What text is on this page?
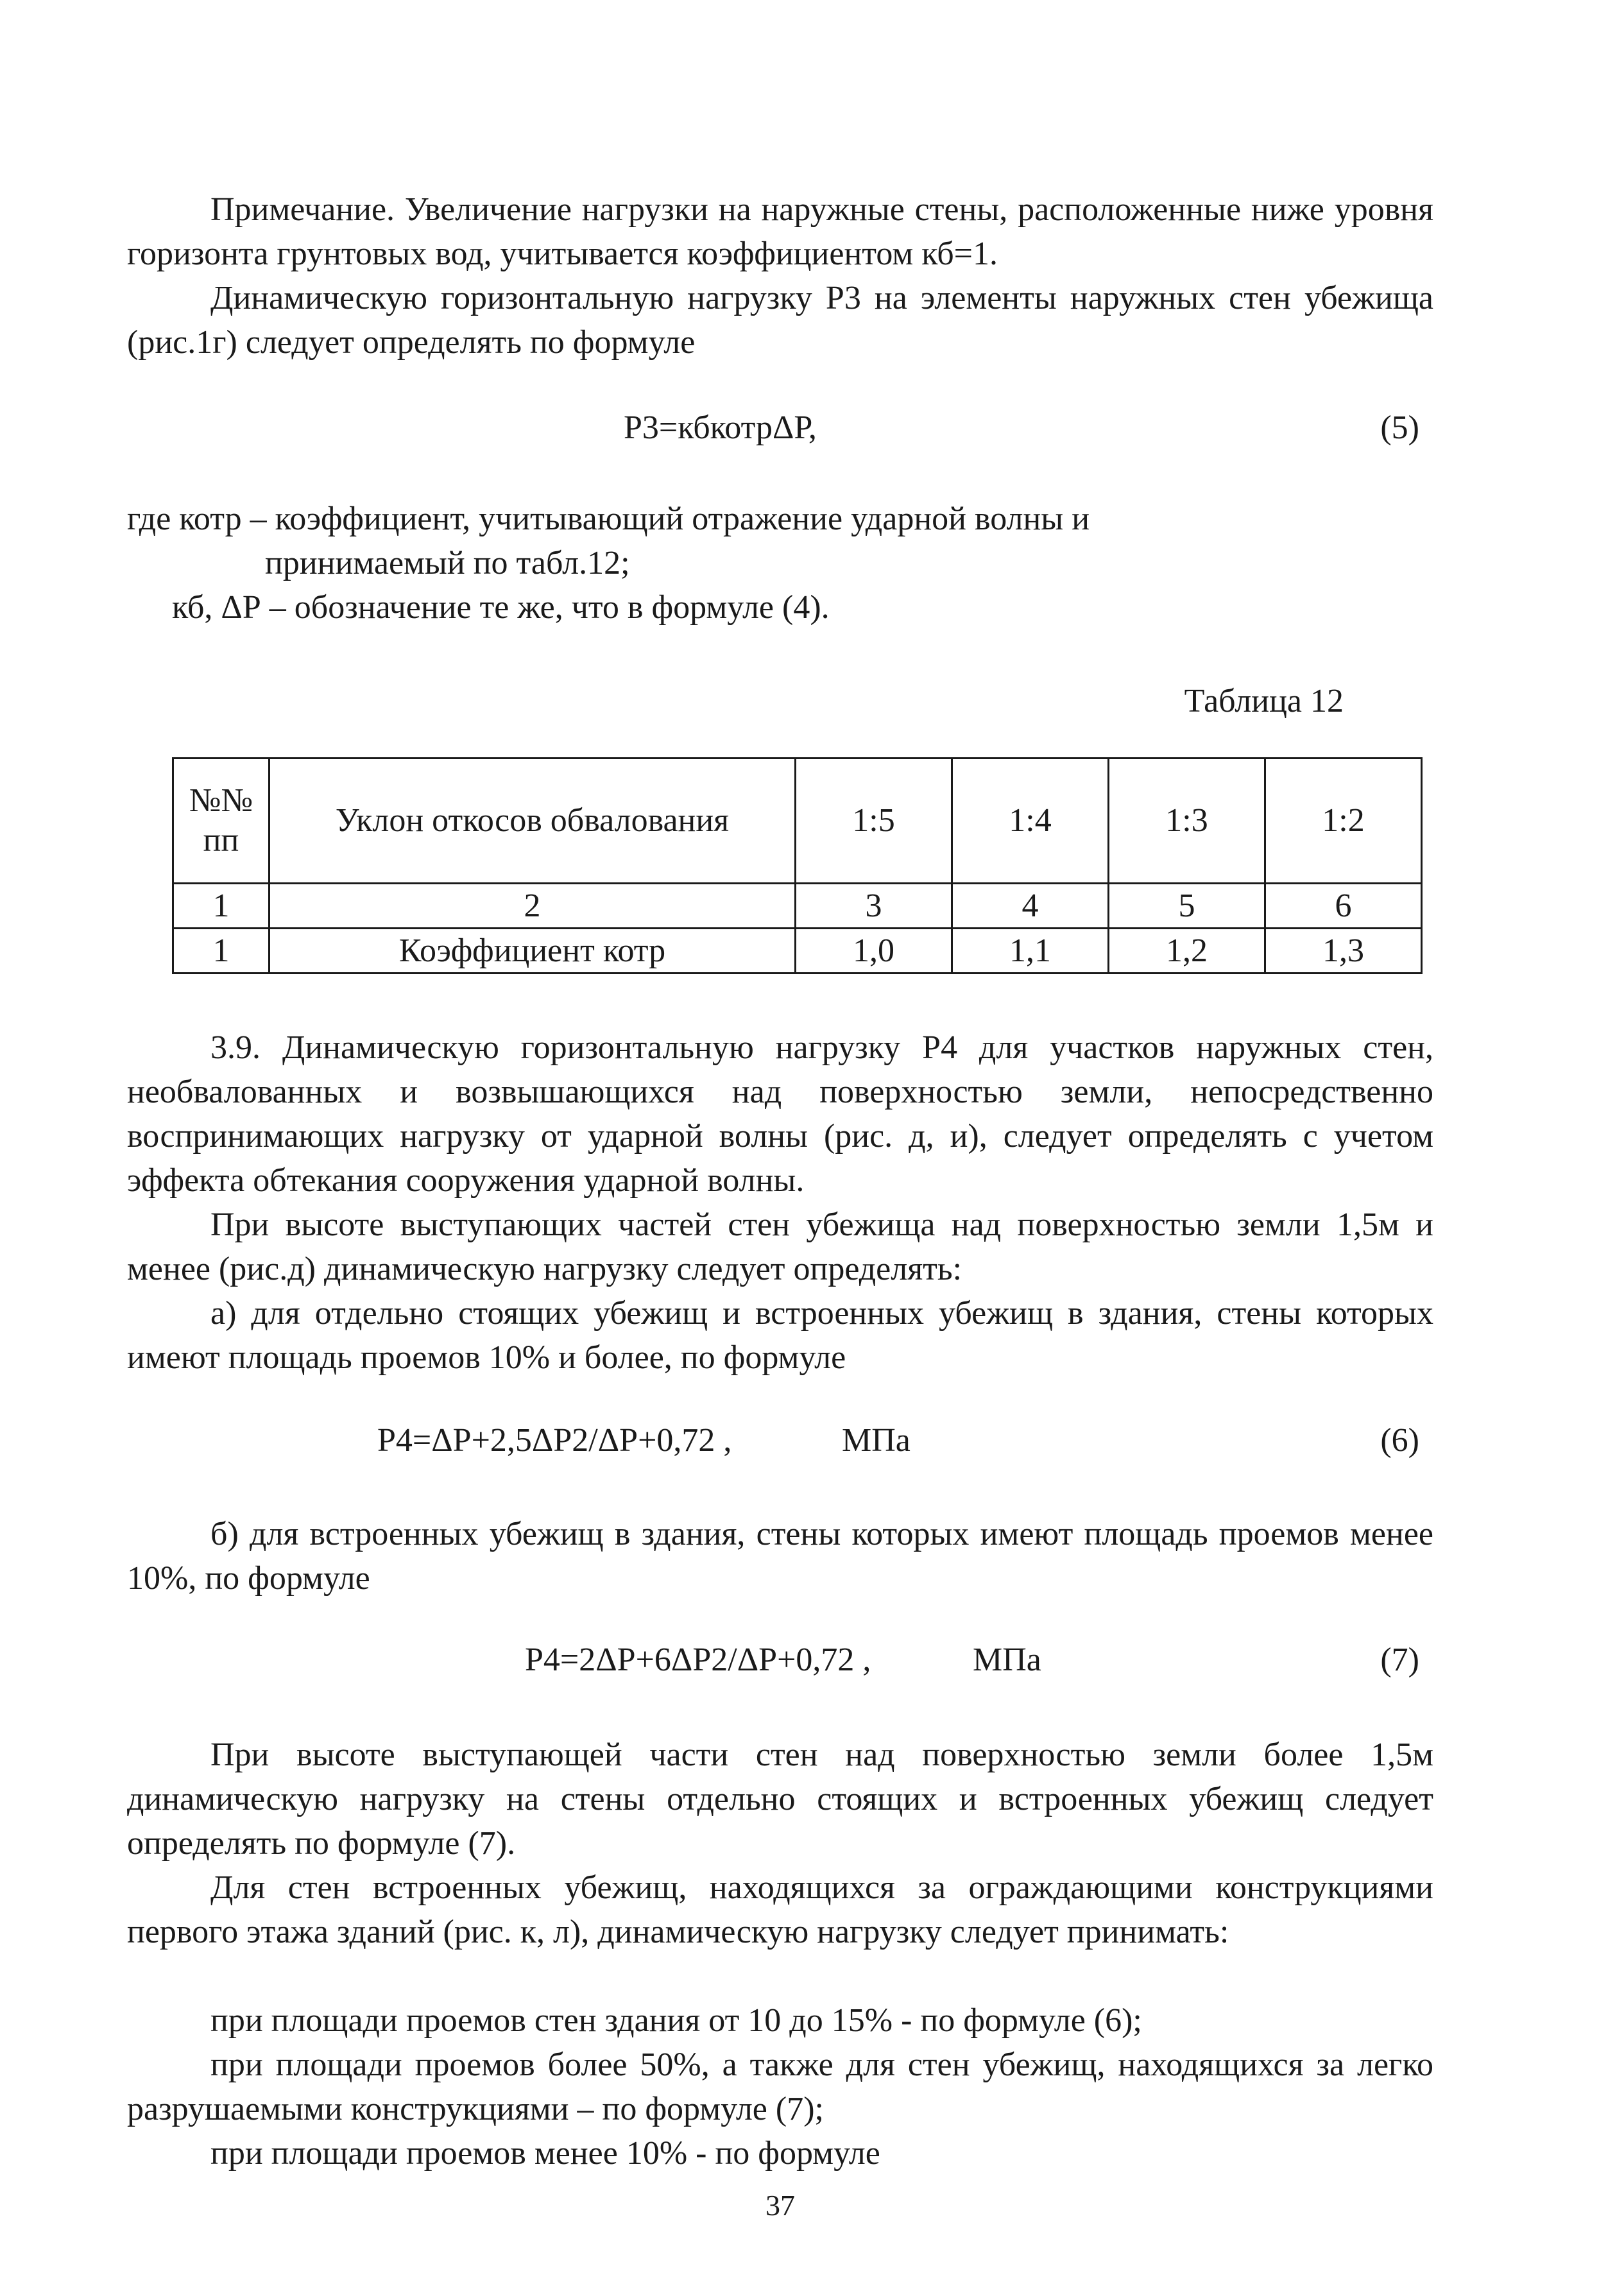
Примечание. Увеличение нагрузки на наружные стены, расположенные ниже уровня горизонта грунтовых вод, учитывается коэффициентом кб=1.

Динамическую горизонтальную нагрузку Р3 на элементы наружных стен убежища (рис.1г) следует определять по формуле

Р3=кбкотрΔР,	(5)
где котр – коэффициент, учитывающий отражение ударной волны и
принимаемый по табл.12;
кб, ΔР – обозначение те же, что в формуле (4).
Таблица 12
№№ пп	Уклон откосов обвалования	1:5	1:4	1:3	1:2
1	2	3	4	5	6
1	Коэффициент котр	1,0	1,1	1,2	1,3

3.9. Динамическую горизонтальную нагрузку Р4 для участков наружных стен, необвалованных и возвышающихся над поверхностью земли, непосредственно воспринимающих нагрузку от ударной волны (рис. д, и), следует определять с учетом эффекта обтекания сооружения ударной волны.

При высоте выступающих частей стен убежища над поверхностью земли 1,5м и менее (рис.д) динамическую нагрузку следует определять:

а) для отдельно стоящих убежищ и встроенных убежищ в здания, стены которых имеют площадь проемов 10% и более, по формуле

Р4=ΔР+2,5ΔР2/ΔР+0,72 ,	МПа	(6)

б) для встроенных убежищ в здания, стены которых имеют площадь проемов менее 10%, по формуле

Р4=2ΔР+6ΔР2/ΔР+0,72 ,	МПа	(7)

При высоте выступающей части стен над поверхностью земли более 1,5м динамическую нагрузку на стены отдельно стоящих и встроенных убежищ следует определять по формуле (7).

Для стен встроенных убежищ, находящихся за ограждающими конструкциями первого этажа зданий (рис. к, л), динамическую нагрузку следует принимать:

при площади проемов стен здания от 10 до 15% - по формуле (6);

при площади проемов более 50%, а также для стен убежищ, находящихся за легко разрушаемыми конструкциями – по формуле (7);

при площади проемов менее 10% - по формуле

37
